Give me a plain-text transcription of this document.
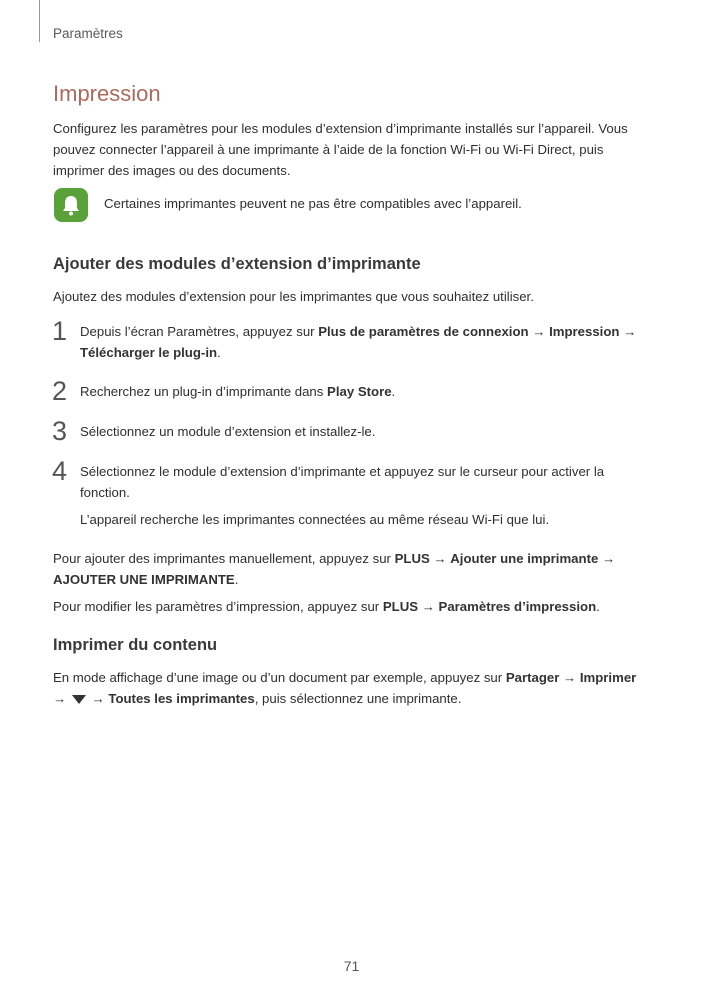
Paramètres
Impression

Configurez les paramètres pour les modules d’extension d’imprimante installés sur l’appareil. Vous pouvez connecter l’appareil à une imprimante à l’aide de la fonction Wi-Fi ou Wi-Fi Direct, puis imprimer des images ou des documents.

Certaines imprimantes peuvent ne pas être compatibles avec l’appareil.
Ajouter des modules d’extension d’imprimante

Ajoutez des modules d’extension pour les imprimantes que vous souhaitez utiliser.

1 Depuis l’écran Paramètres, appuyez sur Plus de paramètres de connexion → Impression → Télécharger le plug-in.
2 Recherchez un plug-in d’imprimante dans Play Store.
3 Sélectionnez un module d’extension et installez-le.
4 Sélectionnez le module d’extension d’imprimante et appuyez sur le curseur pour activer la fonction.
L’appareil recherche les imprimantes connectées au même réseau Wi-Fi que lui.

Pour ajouter des imprimantes manuellement, appuyez sur PLUS → Ajouter une imprimante →
AJOUTER UNE IMPRIMANTE.

Pour modifier les paramètres d’impression, appuyez sur PLUS → Paramètres d’impression.

Imprimer du contenu

En mode affichage d’une image ou d’un document par exemple, appuyez sur Partager → Imprimer
→  → Toutes les imprimantes, puis sélectionnez une imprimante.

71
